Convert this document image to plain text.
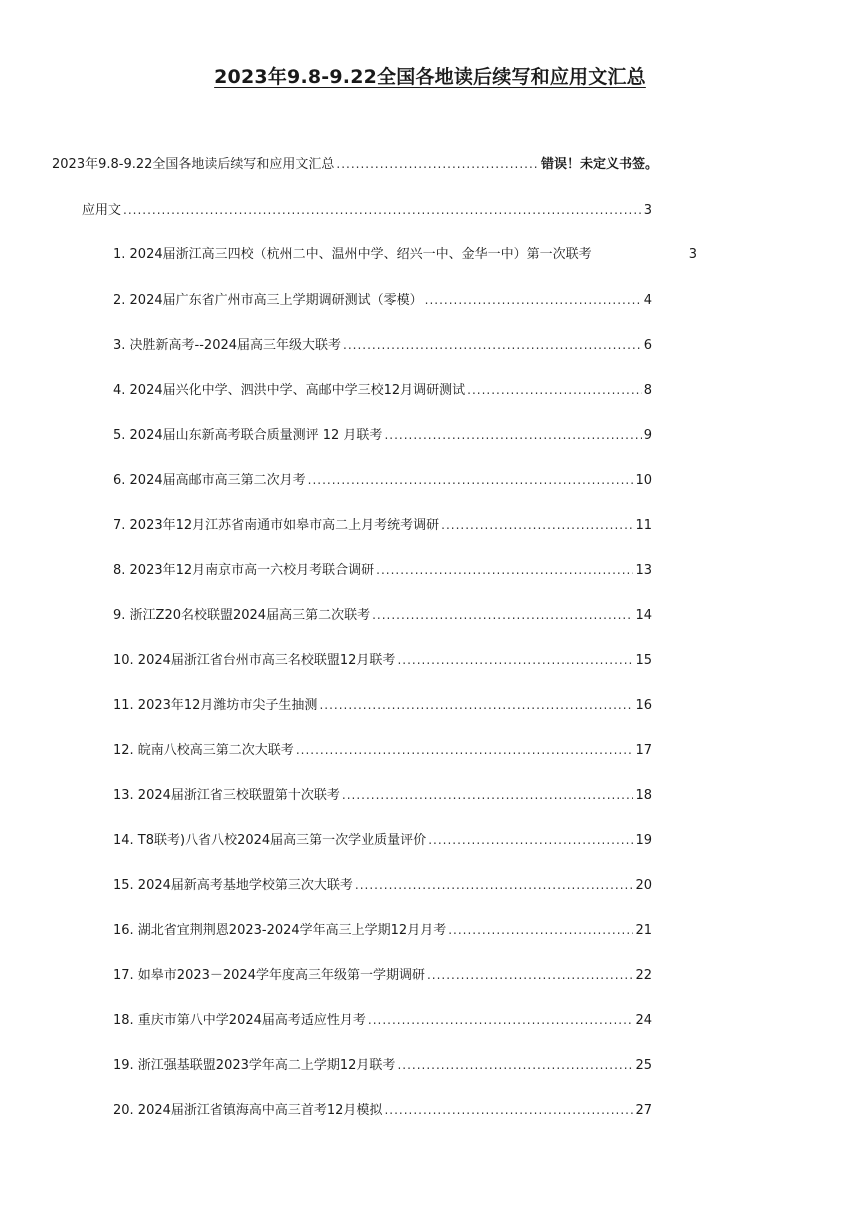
2023年9.8-9.22全国各地读后续写和应用文汇总
2023年9.8-9.22全国各地读后续写和应用文汇总 .....	错误！未定义书签。
应用文 .....	3
1. 2024届浙江高三四校（杭州二中、温州中学、绍兴一中、金华一中）第一次联考	3
2. 2024届广东省广州市高三上学期调研测试（零模） .....	4
3. 决胜新高考--2024届高三年级大联考 .....	6
4. 2024届兴化中学、泗洪中学、高邮中学三校12月调研测试 .....	8
5. 2024届山东新高考联合质量测评 12 月联考 .....	9
6. 2024届高邮市高三第二次月考 .....	10
7. 2023年12月江苏省南通市如皋市高二上月考统考调研 .....	11
8. 2023年12月南京市高一六校月考联合调研 .....	13
9. 浙江Z20名校联盟2024届高三第二次联考 .....	14
10. 2024届浙江省台州市高三名校联盟12月联考 .....	15
11. 2023年12月潍坊市尖子生抽测 .....	16
12. 皖南八校高三第二次大联考 .....	17
13. 2024届浙江省三校联盟第十次联考 .....	18
14. T8联考)八省八校2024届高三第一次学业质量评价 .....	19
15. 2024届新高考基地学校第三次大联考 .....	20
16. 湖北省宜荆荆恩2023-2024学年高三上学期12月月考 .....	21
17. 如皋市2023－2024学年度高三年级第一学期调研 .....	22
18. 重庆市第八中学2024届高考适应性月考 .....	24
19. 浙江强基联盟2023学年高二上学期12月联考 .....	25
20. 2024届浙江省镇海高中高三首考12月模拟 .....	27
